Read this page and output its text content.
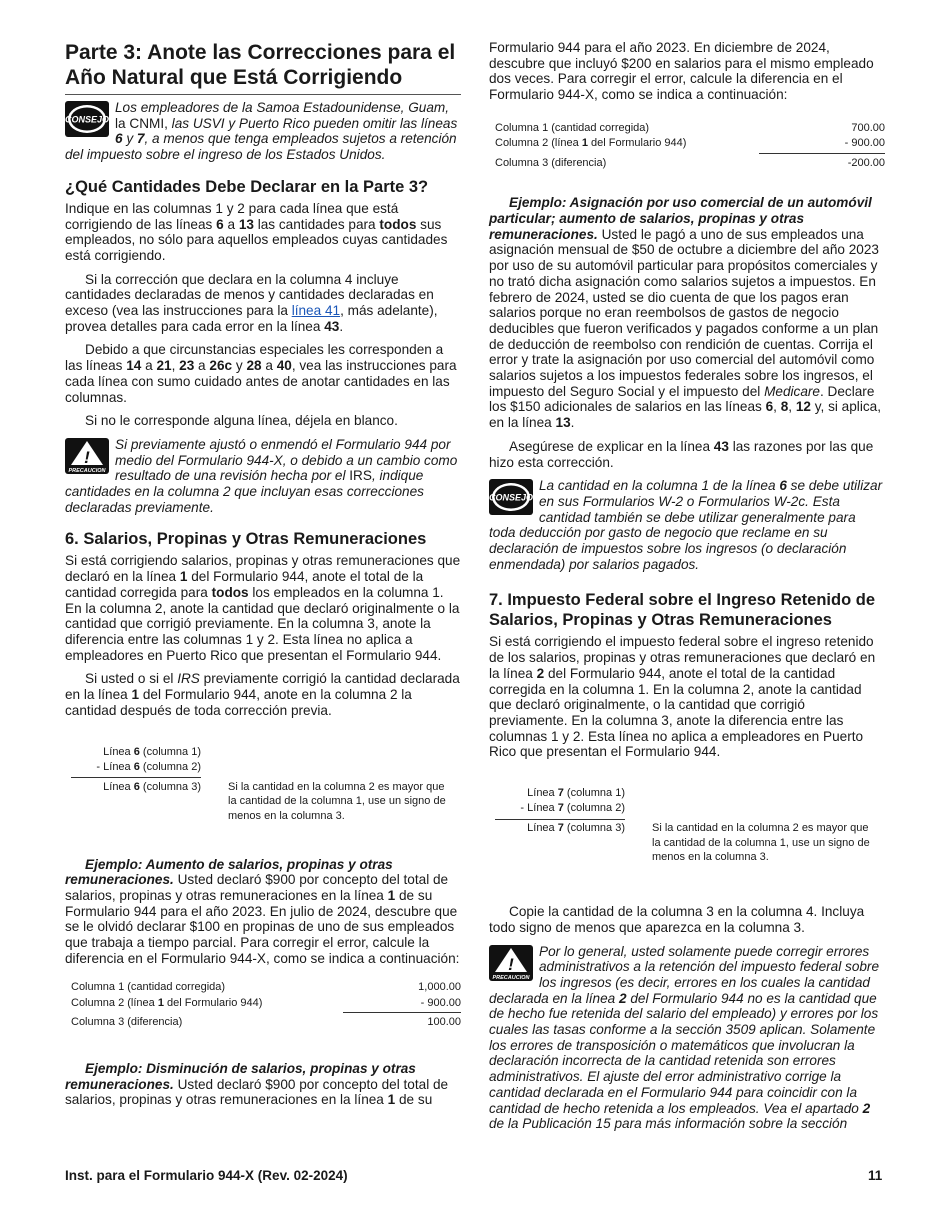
Parte 3: Anote las Correcciones para el Año Natural que Está Corrigiendo
CONSEJO
Los empleadores de la Samoa Estadounidense, Guam, la CNMI, las USVI y Puerto Rico pueden omitir las líneas 6 y 7, a menos que tenga empleados sujetos a retención del impuesto sobre el ingreso de los Estados Unidos.
¿Qué Cantidades Debe Declarar en la Parte 3?

Indique en las columnas 1 y 2 para cada línea que está corrigiendo de las líneas 6 a 13 las cantidades para todos sus empleados, no sólo para aquellos empleados cuyas cantidades está corrigiendo.

Si la corrección que declara en la columna 4 incluye cantidades declaradas de menos y cantidades declaradas en exceso (vea las instrucciones para la línea 41, más adelante), provea detalles para cada error en la línea 43.

Debido a que circunstancias especiales les corresponden a las líneas 14 a 21, 23 a 26c y 28 a 40, vea las instrucciones para cada línea con sumo cuidado antes de anotar cantidades en las columnas.

Si no le corresponde alguna línea, déjela en blanco.

!
PRECAUCION
Si previamente ajustó o enmendó el Formulario 944 por medio del Formulario 944-X, o debido a un cambio como resultado de una revisión hecha por el IRS, indique cantidades en la columna 2 que incluyan esas correcciones declaradas previamente.
6. Salarios, Propinas y Otras Remuneraciones

Si está corrigiendo salarios, propinas y otras remuneraciones que declaró en la línea 1 del Formulario 944, anote el total de la cantidad corregida para todos los empleados en la columna 1. En la columna 2, anote la cantidad que declaró originalmente o la cantidad que corrigió previamente. En la columna 3, anote la diferencia entre las columnas 1 y 2. Esta línea no aplica a empleadores en Puerto Rico que presentan el Formulario 944.

Si usted o si el IRS previamente corrigió la cantidad declarada en la línea 1 del Formulario 944, anote en la columna 2 la cantidad después de toda corrección previa.

Línea 6 (columna 1)
- Línea 6 (columna 2)
Línea 6 (columna 3) Si la cantidad en la columna 2 es mayor que la cantidad de la columna 1, use un signo de menos en la columna 3.

Ejemplo: Aumento de salarios, propinas y otras remuneraciones. Usted declaró $900 por concepto del total de salarios, propinas y otras remuneraciones en la línea 1 de su Formulario 944 para el año 2023. En julio de 2024, descubre que se le olvidó declarar $100 en propinas de uno de sus empleados que trabaja a tiempo parcial. Para corregir el error, calcule la diferencia en el Formulario 944-X, como se indica a continuación:

Columna 1 (cantidad corregida)	1,000.00
Columna 2 (línea 1 del Formulario 944)	- 900.00
Columna 3 (diferencia)	100.00

Ejemplo: Disminución de salarios, propinas y otras remuneraciones. Usted declaró $900 por concepto del total de salarios, propinas y otras remuneraciones en la línea 1 de su

Formulario 944 para el año 2023. En diciembre de 2024, descubre que incluyó $200 en salarios para el mismo empleado dos veces. Para corregir el error, calcule la diferencia en el Formulario 944-X, como se indica a continuación:

Columna 1 (cantidad corregida)	700.00
Columna 2 (línea 1 del Formulario 944)	- 900.00
Columna 3 (diferencia)	-200.00

Ejemplo: Asignación por uso comercial de un automóvil particular; aumento de salarios, propinas y otras remuneraciones. Usted le pagó a uno de sus empleados una asignación mensual de $50 de octubre a diciembre del año 2023 por uso de su automóvil particular para propósitos comerciales y no trató dicha asignación como salarios sujetos a impuestos. En febrero de 2024, usted se dio cuenta de que los pagos eran salarios porque no eran reembolsos de gastos de negocio deducibles que fueron verificados y pagados conforme a un plan de deducción de reembolso con rendición de cuentas. Corrija el error y trate la asignación por uso comercial del automóvil como salarios sujetos a los impuestos federales sobre los ingresos, el impuesto del Seguro Social y el impuesto del Medicare. Declare los $150 adicionales de salarios en las líneas 6, 8, 12 y, si aplica, en la línea 13.

Asegúrese de explicar en la línea 43 las razones por las que hizo esta corrección.

CONSEJO
La cantidad en la columna 1 de la línea 6 se debe utilizar en sus Formularios W-2 o Formularios W-2c. Esta cantidad también se debe utilizar generalmente para toda deducción por gasto de negocio que reclame en su declaración de impuestos sobre los ingresos (o declaración enmendada) por salarios pagados.
7. Impuesto Federal sobre el Ingreso Retenido de Salarios, Propinas y Otras Remuneraciones

Si está corrigiendo el impuesto federal sobre el ingreso retenido de los salarios, propinas y otras remuneraciones que declaró en la línea 2 del Formulario 944, anote el total de la cantidad corregida en la columna 1. En la columna 2, anote la cantidad que declaró originalmente, o la cantidad que corrigió previamente. En la columna 3, anote la diferencia entre las columnas 1 y 2. Esta línea no aplica a empleadores en Puerto Rico que presentan el Formulario 944.

Línea 7 (columna 1)
- Línea 7 (columna 2)
Línea 7 (columna 3) Si la cantidad en la columna 2 es mayor que la cantidad de la columna 1, use un signo de menos en la columna 3.

Copie la cantidad de la columna 3 en la columna 4. Incluya todo signo de menos que aparezca en la columna 3.

!
PRECAUCION
Por lo general, usted solamente puede corregir errores administrativos a la retención del impuesto federal sobre los ingresos (es decir, errores en los cuales la cantidad declarada en la línea 2 del Formulario 944 no es la cantidad que de hecho fue retenida del salario del empleado) y errores por los cuales las tasas conforme a la sección 3509 aplican. Solamente los errores de transposición o matemáticos que involucran la declaración incorrecta de la cantidad retenida son errores administrativos. El ajuste del error administrativo corrige la cantidad declarada en el Formulario 944 para coincidir con la cantidad de hecho retenida a los empleados. Vea el apartado 2 de la Publicación 15 para más información sobre la sección
Inst. para el Formulario 944-X (Rev. 02-2024)	11
